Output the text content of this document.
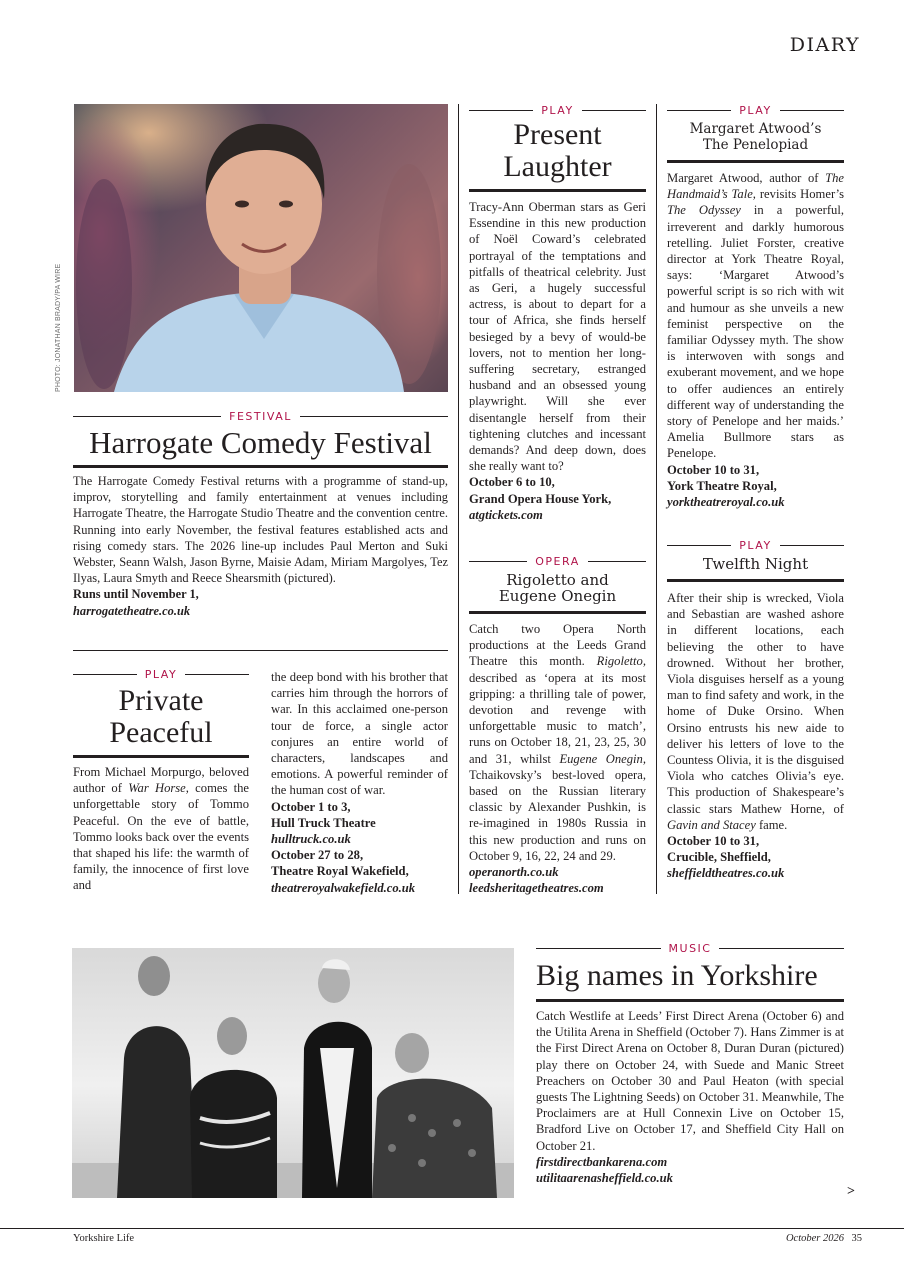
DIARY
PHOTO: JONATHAN BRADY/PA WIRE
FESTIVAL
Harrogate Comedy Festival

The Harrogate Comedy Festival returns with a programme of stand-up, improv, storytelling and family entertainment at venues including Harrogate Theatre, the Harrogate Studio Theatre and the convention centre. Running into early November, the festival features established acts and rising comedy stars. The 2026 line-up includes Paul Merton and Suki Webster, Seann Walsh, Jason Byrne, Maisie Adam, Miriam Margolyes, Tez Ilyas, Laura Smyth and Reece Shearsmith (pictured).

Runs until November 1,

harrogatetheatre.co.uk

PLAY
Private
Peaceful

From Michael Morpurgo, beloved author of War Horse, comes the unforgettable story of Tommo Peaceful. On the eve of battle, Tommo looks back over the events that shaped his life: the warmth of family, the innocence of first love and

the deep bond with his brother that carries him through the horrors of war. In this acclaimed one-person tour de force, a single actor conjures an entire world of characters, landscapes and emotions. A powerful reminder of the human cost of war.

October 1 to 3,

Hull Truck Theatre

hulltruck.co.uk

October 27 to 28,

Theatre Royal Wakefield,

theatreroyalwakefield.co.uk

PLAY
Present
Laughter

Tracy-Ann Oberman stars as Geri Essendine in this new production of Noël Coward’s celebrated portrayal of the temptations and pitfalls of theatrical celebrity. Just as Geri, a hugely successful actress, is about to depart for a tour of Africa, she finds herself besieged by a bevy of would-be lovers, not to mention her long-suffering secretary, estranged husband and an obsessed young playwright. Will she ever disentangle herself from their tightening clutches and incessant demands? And deep down, does she really want to?

October 6 to 10,

Grand Opera House York,

atgtickets.com

OPERA
Rigoletto and
Eugene Onegin

Catch two Opera North productions at the Leeds Grand Theatre this month. Rigoletto, described as ‘opera at its most gripping: a thrilling tale of power, devotion and revenge with unforgettable music to match’, runs on October 18, 21, 23, 25, 30 and 31, whilst Eugene Onegin, Tchaikovsky’s best-loved opera, based on the Russian literary classic by Alexander Pushkin, is re-imagined in 1980s Russia in this new production and runs on October 9, 16, 22, 24 and 29.

operanorth.co.uk

leedsheritagetheatres.com

PLAY
Margaret Atwood’s
The Penelopiad

Margaret Atwood, author of The Handmaid’s Tale, revisits Homer’s The Odyssey in a powerful, irreverent and darkly humorous retelling. Juliet Forster, creative director at York Theatre Royal, says: ‘Margaret Atwood’s powerful script is so rich with wit and humour as she unveils a new feminist perspective on the familiar Odyssey myth. The show is interwoven with songs and exuberant movement, and we hope to offer audiences an entirely different way of understanding the story of Penelope and her maids.’ Amelia Bullmore stars as Penelope.

October 10 to 31,

York Theatre Royal,

yorktheatreroyal.co.uk

PLAY
Twelfth Night

After their ship is wrecked, Viola and Sebastian are washed ashore in different locations, each believing the other to have drowned. Without her brother, Viola disguises herself as a young man to find safety and work, in the home of Duke Orsino. When Orsino entrusts his new aide to deliver his letters of love to the Countess Olivia, it is the disguised Viola who catches Olivia’s eye. This production of Shakespeare’s classic stars Mathew Horne, of Gavin and Stacey fame.

October 10 to 31,

Crucible, Sheffield,

sheffieldtheatres.co.uk

MUSIC
Big names in Yorkshire

Catch Westlife at Leeds’ First Direct Arena (October 6) and the Utilita Arena in Sheffield (October 7). Hans Zimmer is at the First Direct Arena on October 8, Duran Duran (pictured) play there on October 24, with Suede and Manic Street Preachers on October 30 and Paul Heaton (with special guests The Lightning Seeds) on October 31. Meanwhile, The Proclaimers are at Hull Connexin Live on October 15, Bradford Live on October 17, and Sheffield City Hall on October 21.

firstdirectbankarena.com

utilitaarenasheffield.co.uk

>
Yorkshire Life	October 2026 35
